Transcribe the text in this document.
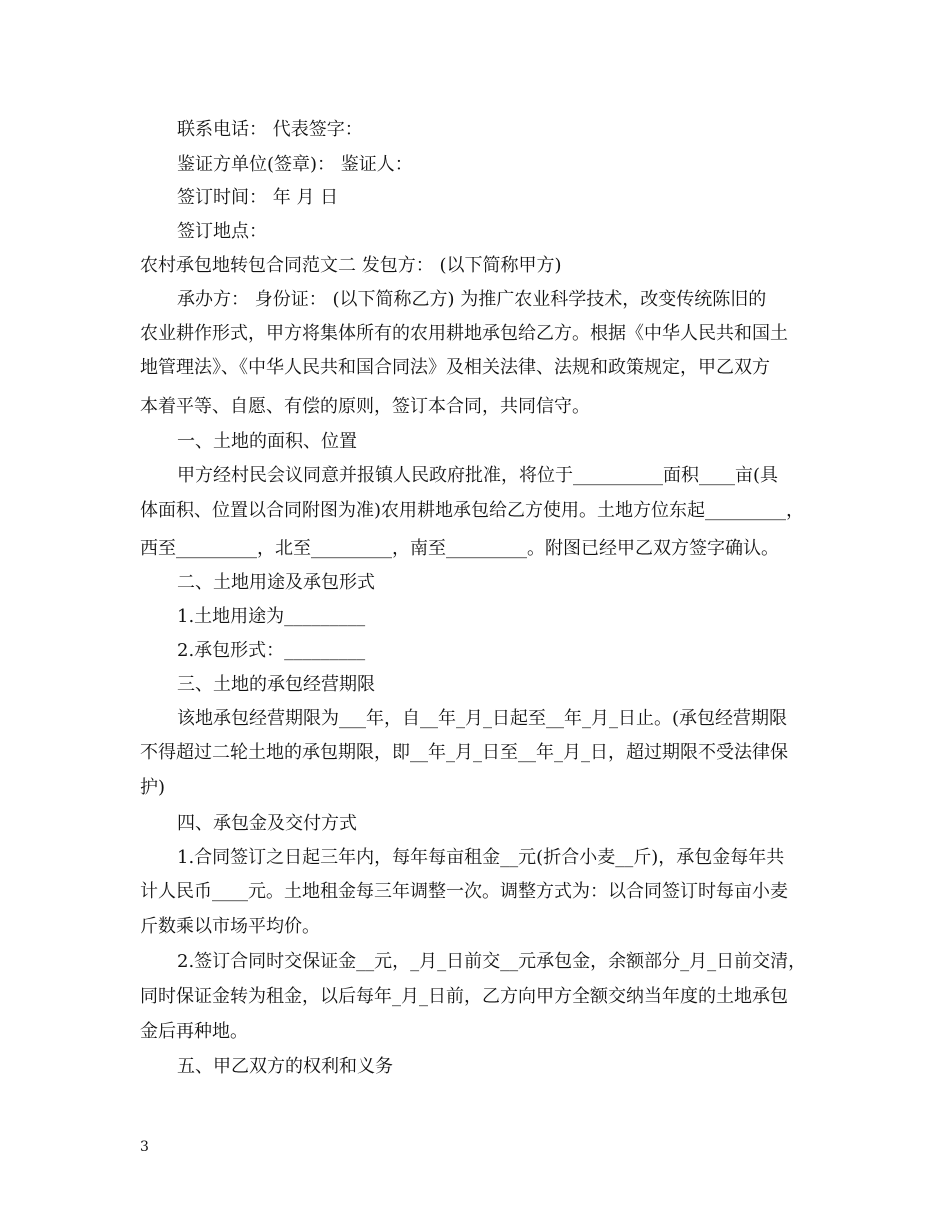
联系电话： 代表签字：
鉴证方单位(签章)： 鉴证人：
签订时间： 年 月 日
签订地点：
农村承包地转包合同范文二 发包方： (以下简称甲方)
承办方： 身份证： (以下简称乙方) 为推广农业科学技术，改变传统陈旧的
农业耕作形式，甲方将集体所有的农用耕地承包给乙方。根据《中华人民共和国土
地管理法》、《中华人民共和国合同法》及相关法律、法规和政策规定，甲乙双方
本着平等、自愿、有偿的原则，签订本合同，共同信守。
一、土地的面积、位置
甲方经村民会议同意并报镇人民政府批准，将位于__________面积____亩(具
体面积、位置以合同附图为准)农用耕地承包给乙方使用。土地方位东起_________，
西至_________，北至_________，南至_________。附图已经甲乙双方签字确认。
二、土地用途及承包形式
1.土地用途为_________
2.承包形式：_________
三、土地的承包经营期限
该地承包经营期限为___年，自__年_月_日起至__年_月_日止。(承包经营期限
不得超过二轮土地的承包期限，即__年_月_日至__年_月_日，超过期限不受法律保
护)
四、承包金及交付方式
1.合同签订之日起三年内，每年每亩租金__元(折合小麦__斤)，承包金每年共
计人民币____元。土地租金每三年调整一次。调整方式为：以合同签订时每亩小麦
斤数乘以市场平均价。
2.签订合同时交保证金__元，_月_日前交__元承包金，余额部分_月_日前交清，
同时保证金转为租金，以后每年_月_日前，乙方向甲方全额交纳当年度的土地承包
金后再种地。
五、甲乙双方的权利和义务
3
